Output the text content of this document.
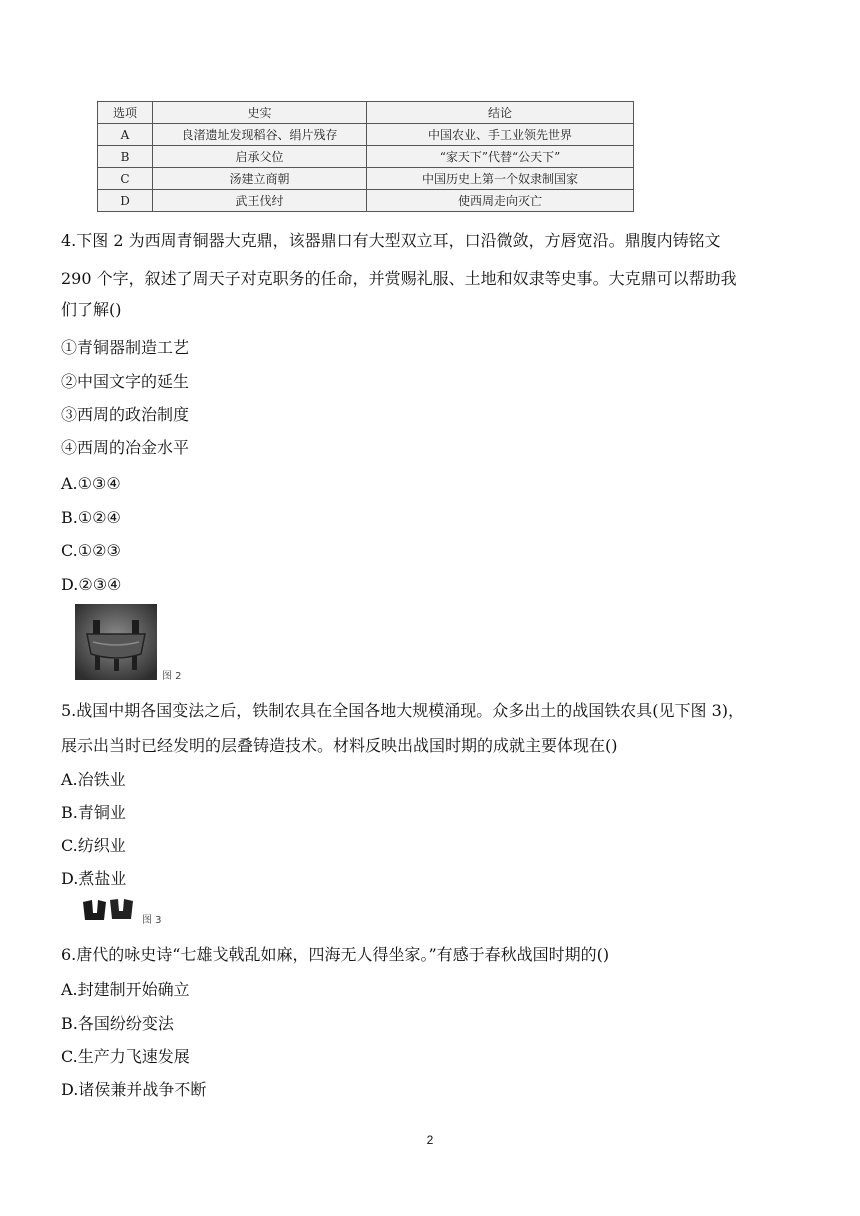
选项	史实	结论
A	良渚遗址发现稻谷、绢片残存	中国农业、手工业领先世界
B	启承父位	“家天下”代替“公天下”
C	汤建立商朝	中国历史上第一个奴隶制国家
D	武王伐纣	使西周走向灭亡
4.下图 2 为西周青铜器大克鼎，该器鼎口有大型双立耳，口沿微敛，方唇宽沿。鼎腹内铸铭文
290 个字，叙述了周天子对克职务的任命，并赏赐礼服、土地和奴隶等史事。大克鼎可以帮助我
们了解()
①青铜器制造工艺
②中国文字的延生
③西周的政治制度
④西周的冶金水平
A.①③④
B.①②④
C.①②③
D.②③④
图 2
5.战国中期各国变法之后，铁制农具在全国各地大规模涌现。众多出土的战国铁农具(见下图 3)，
展示出当时已经发明的层叠铸造技术。材料反映出战国时期的成就主要体现在()
A.冶铁业
B.青铜业
C.纺织业
D.煮盐业
图 3
6.唐代的咏史诗“七雄戈戟乱如麻，四海无人得坐家。”有感于春秋战国时期的()
A.封建制开始确立
B.各国纷纷变法
C.生产力飞速发展
D.诸侯兼并战争不断
2
